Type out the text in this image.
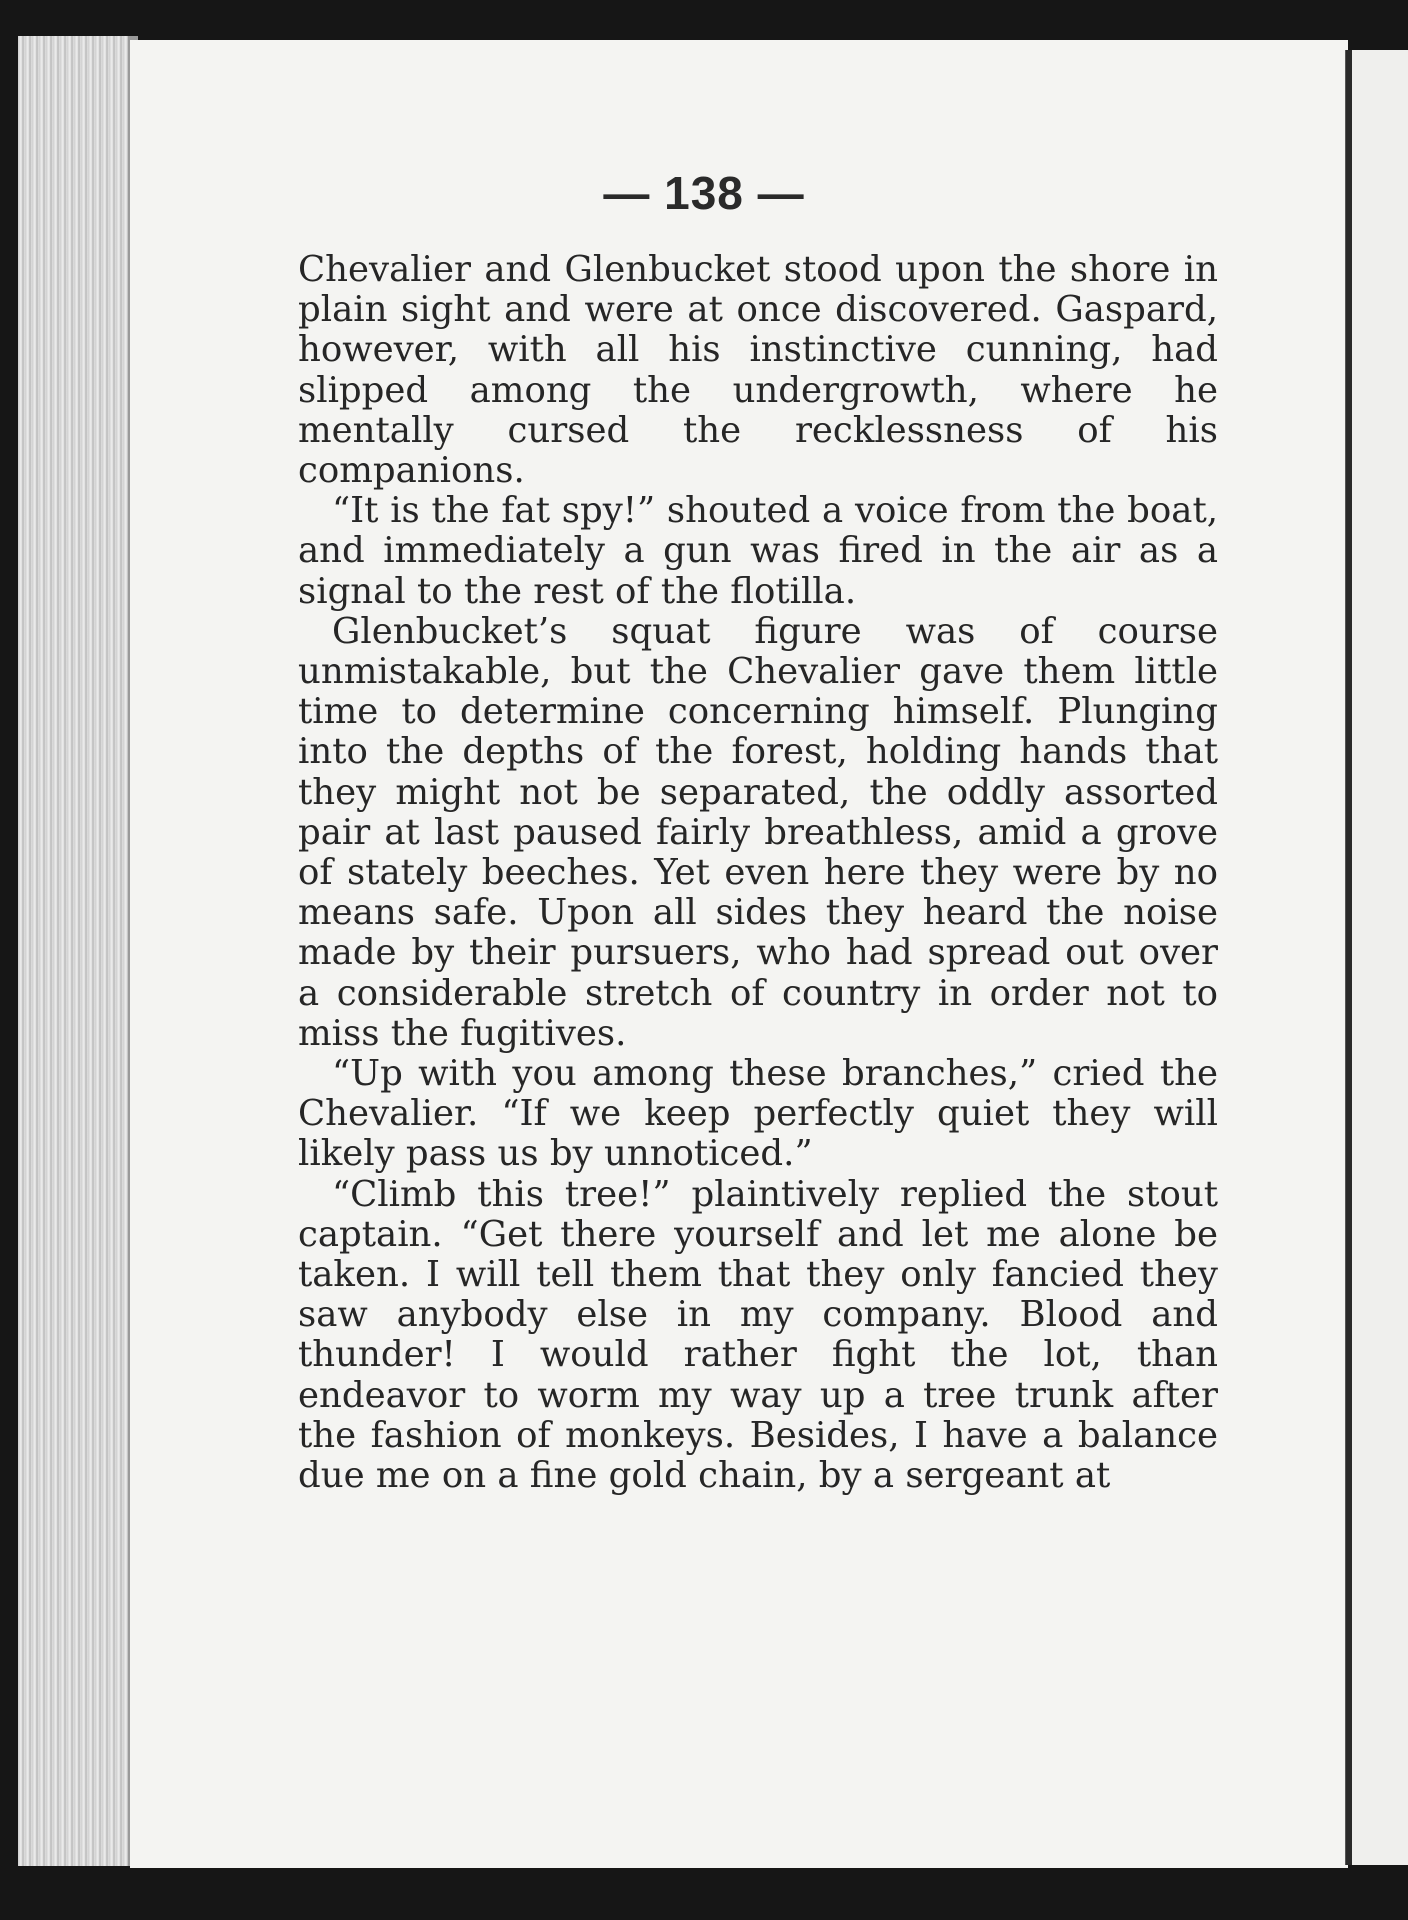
— 138 —

Chevalier and Glenbucket stood upon the shore in plain sight and were at once discovered. Gaspard, however, with all his instinctive cunning, had slipped among the undergrowth, where he mentally cursed the recklessness of his companions.

“It is the fat spy!” shouted a voice from the boat, and immediately a gun was fired in the air as a signal to the rest of the flotilla.

Glenbucket’s squat figure was of course unmistakable, but the Chevalier gave them little time to determine concerning himself. Plunging into the depths of the forest, holding hands that they might not be separated, the oddly assorted pair at last paused fairly breathless, amid a grove of stately beeches. Yet even here they were by no means safe. Upon all sides they heard the noise made by their pursuers, who had spread out over a considerable stretch of country in order not to miss the fugitives.

“Up with you among these branches,” cried the Chevalier. “If we keep perfectly quiet they will likely pass us by unnoticed.”

“Climb this tree!” plaintively replied the stout captain. “Get there yourself and let me alone be taken. I will tell them that they only fancied they saw anybody else in my company. Blood and thunder! I would rather fight the lot, than endeavor to worm my way up a tree trunk after the fashion of monkeys. Besides, I have a balance due me on a fine gold chain, by a sergeant at
